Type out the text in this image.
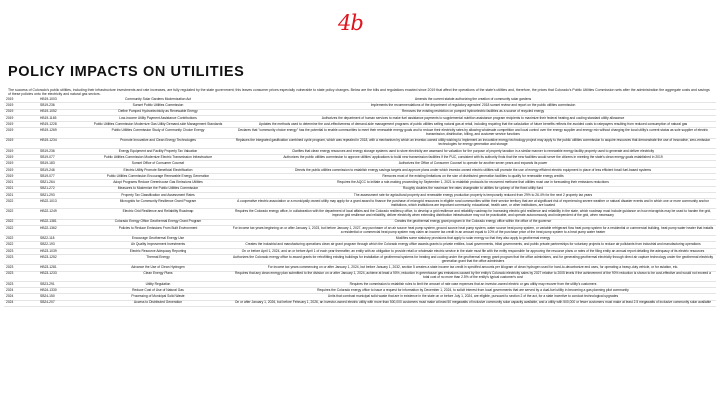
4b
POLICY IMPACTS ON UTILITIES

The success of Colorado's public utilities, including their infrastructure investments and rate increases, are fully regulated by the state government; this leaves consumer prices especially vulnerable to state policy changes. Below are the bills and regulations enacted since 2019 that affect the operations of the state's utilities and, therefore, the prices that Colorado's Public Utilities Commission sets after the administration the aggregate costs and savings of these policies onto the electricity and natural gas sectors.

2019	HB19-1003	Community Solar Gardens Modernization Act	Amends the current statute authorizing the creation of community solar gardens
2019	SB19-236	Sunset Public Utilities Commission	Implements the recommendations of the department of regulatory agencies' 2018 sunset review and report on the public utilities commission
2019	HB19-1052	Define Pumped Hydroelectricity as Renewable Energy	Removes the existing restriction on pumped hydroelectric facilities as a source of recycled energy
2019	HB19-1165	Low-income Utility Payment Assistance Contributions	Authorizes the department of human services to make fuel assistance payments to supplemental nutrition assistance program recipients to maximize their federal heating and cooling standard utility allowance
2019	HB19-1228	Public Utilities Commission Modernize Gas Utility Demand-side Management Standards	Updates the methods used to determine the cost-effectiveness of demand-side management programs of public utilities selling natural gas at retail, including requiring that the calculation of future benefits reflects the avoided costs to ratepayers resulting from reduced consumption of natural gas
2019	HB19-1269	Public Utilities Commission Study of Community Choice Energy	Declares that "community choice energy" has the potential to enable communities to meet their renewable energy goals and to reduce their electricity rates by allowing wholesale competition and local control over the energy supplier and energy mix without changing the local utility's current status as sole supplier of electric transmission, distribution, billing, and customer service functions
2019	HB19-1234	Promote Innovative and Clean Energy Technologies	Replaces the integrated gasification combined cycle program, which was repealed in 2018, with a mechanism by which an investor-owned utility wishing to implement an innovative energy technology project may apply to the public utilities commission to acquire resources that demonstrate the use of innovative, zero-emission technologies for energy generation and storage
2019	SB19-236	Energy Equipment and Facility Property Tax Valuation	Clarifies that clean energy resources and energy storage systems used to store electricity are assessed for valuation for the purpose of property taxation in a similar manner to renewable energy facility property used to generate and deliver electricity
2019	SB19-077	Public Utilities Commission Modernize Electric Transmission Infrastructure	Authorizes the public utilities commission to approve utilities' applications to build new transmission facilities if the PUC, consistent with its authority finds that the new facilities would serve the citizens in meeting the state's clean energy goals established in 2019
2019	SB19-183	Sunset Office of Consumer Counsel	Authorizes the Office of Consumer Counsel to operate for another seven years and expands its power
2019	SB19-246	Electric Utility Promote Beneficial Electrification	Directs the public utilities commission to establish energy savings targets and approve plans under which investor-owned electric utilities will promote the use of energy efficient electric equipment in place of less efficient fossil fuel-based systems
2019	SB19-077	Public Utilities Commission Encourage Renewable Energy Generation	Removes most of the existing limitations on the size of distributed generation facilities to qualify for renewable energy credits
2021	SB21-264	Adopt Programs Reduce Greenhouse Gas Emissions Utilities	Requires the AQCC to initiate a rule-making proceeding by September 1, 2021 to establish protocols for recovered methane that utilities must use in forecasting their emissions reductions
2021	SB21-272	Measures to Modernize the Public Utilities Commission	Roughly doubles the maximum fee rates chargeable to utilities for upkeep of the fixed utility fund
2021	SB21-293	Property Tax Classification and Assessment Rates	The assessment rate for agricultural property and renewable energy production property is temporarily reduced from 29% to 26.4% for the next 2 property tax years
2022	HB22-1013	Microgrids for Community Resilience Grant Program	A cooperative electric association or a municipally owned utility may apply for a grant award to finance the purchase of microgrid resources in eligible rural communities within their service territory that are at significant risk of experiencing severe weather or natural disaster events and in which one or more community anchor institutions, which institutions are important community, educational, health care, or other institutions, are located
2022	HB22-1249	Electric Grid Resilience and Reliability Roadmap	Requires the Colorado energy office, in collaboration with the department of local affairs and the Colorado resiliency office, to develop a grid resilience and reliability roadmap for increasing electric grid resilience and reliability in the state, which roadmap must include guidance on how microgrids may be used to harden the grid, improve grid resilience and reliability, deliver electricity when extending distribution infrastructure may not be practicable, and operate autonomously and independent of the grid, when necessary
2022	HB22-1381	Colorado Energy Office Geothermal Energy Grant Program	Creates the geothermal energy grant program in the Colorado energy office within the office of the governor
2022	HB22-1362	Policies to Reduce Emissions From Built Environment	For income tax years beginning on or after January 1, 2023, but before January 1, 2027, any purchaser of an air source heat pump system, ground source heat pump system, water source heat pump system, or variable refrigerant flow heat pump system for a residential or commercial building, heat pump water heater that installs a residential or commercial heat pump system may claim an income tax credit in an amount equal to 10% of the purchase price of the heat pump system to a heat pump water heater
2022	SB22-118	Encourage Geothermal Energy Use	Modifies some statutory provisions that apply to solar energy so that they also apply to geothermal energy
2022	SB22-193	Air Quality Improvement Investments	Creates the industrial and manufacturing operations clean air grant program through which the Colorado energy office awards grants to private entities, local governments, tribal governments, and public private partnerships for voluntary projects to reduce air pollutants from industrial and manufacturing operations
2023	HB23-1039	Electric Resource Adequacy Reporting	On or before April 1, 2024, and on or before April 1 of each year thereafter, an entity with an obligation to provide retail or wholesale electric service in the state must file with the entity responsible for approving the resource plans or rates of the filing entity an annual report detailing the adequacy of its electric resources
2023	HB23-1252	Thermal Energy	Authorizes the Colorado energy office to award grants for retrofitting existing buildings for installation of geothermal systems for heating and cooling under the geothermal energy grant program that the office administers, and for generating geothermal electricity through direct air capture technology under the geothermal electricity generation grant that the office administers
2023	HB23-1281	Advance the Use of Clean Hydrogen	For income tax years commencing on or after January 1, 2024, but before January 1, 2032, section 5 creates a state income tax credit in specified amounts per kilogram of clean hydrogen used for hard-to-decarbonize end uses, for operating a heavy-duty vehicle, or for aviation, etc.
2023	HB23-1233	Clean Energy Plans	Requires that any clean energy plan submitted to the division on or after January 1, 2024, achieve at least a 90%, reduction in greenhouse gas emissions caused by the entity's Colorado electricity sales by 2027 relative to 2005 levels if the achievement of the 90% reduction is shown to be cost-effective and would not exceed a total cost of no more than 2.5% of the entity's typical customer's cost
2023	SB23-291	Utility Regulation	Requires the commission to establish rules to limit the amount of rate case expenses that an investor-owned electric or gas utility may recover from the utility's customers
2024	HB24-1330	Reduce Cost of Use of Natural Gas	Requires the Colorado energy office to issue a request for information by December 1, 2024, to solicit interest from local governments that are served by a dual-fuel utility in becoming a gas planning pilot community
2024	SB24-150	Processing of Municipal Solid Waste	Units that combust municipal solid waste that are in existence in the state on or before July 1, 2024, are eligible, pursuant to section 2 of the act, for a state incentive to conduct technological upgrades
2024	SB24-207	Access to Distributed Generation	On or after January 1, 2026, but before February 1, 2026, an investor-owned electric utility with more than 500,000 customers must make at least 50 megawatts of inclusive community solar capacity available, and a utility with 500,000 or fewer customers must make at least 2.5 megawatts of inclusive community solar available
